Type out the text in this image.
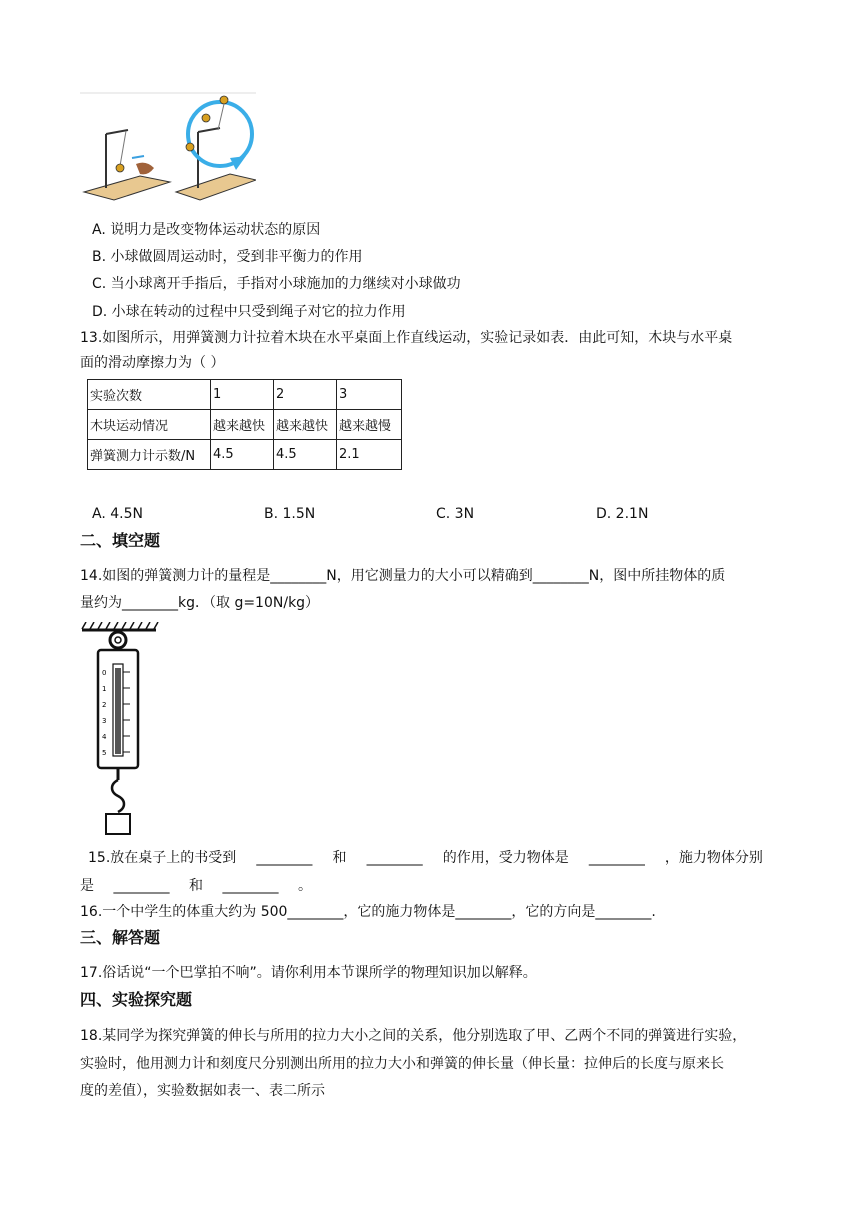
A. 说明力是改变物体运动状态的原因
B. 小球做圆周运动时，受到非平衡力的作用
C. 当小球离开手指后，手指对小球施加的力继续对小球做功
D. 小球在转动的过程中只受到绳子对它的拉力作用
13.如图所示，用弹簧测力计拉着木块在水平桌面上作直线运动，实验记录如表．由此可知，木块与水平桌
面的滑动摩擦力为（ ）
实验次数	1	2	3
木块运动情况	越来越快	越来越快	越来越慢
弹簧测力计示数/N	4.5	4.5	2.1
A. 4.5N	B. 1.5N	C. 3N	D. 2.1N
二、填空题
14.如图的弹簧测力计的量程是________N，用它测量力的大小可以精确到________N，图中所挂物体的质
量约为________kg．（取 g=10N/kg）
0
1
2
3
4
5
15.放在桌子上的书受到 ________ 和 ________ 的作用，受力物体是 ________ ，施力物体分别
是 ________ 和 ________ 。
16.一个中学生的体重大约为 500________，它的施力物体是________，它的方向是________.
三、解答题
17.俗话说“一个巴掌拍不响”。请你利用本节课所学的物理知识加以解释。
四、实验探究题
18.某同学为探究弹簧的伸长与所用的拉力大小之间的关系，他分别选取了甲、乙两个不同的弹簧进行实验，
实验时，他用测力计和刻度尺分别测出所用的拉力大小和弹簧的伸长量（伸长量：拉伸后的长度与原来长
度的差值），实验数据如表一、表二所示
